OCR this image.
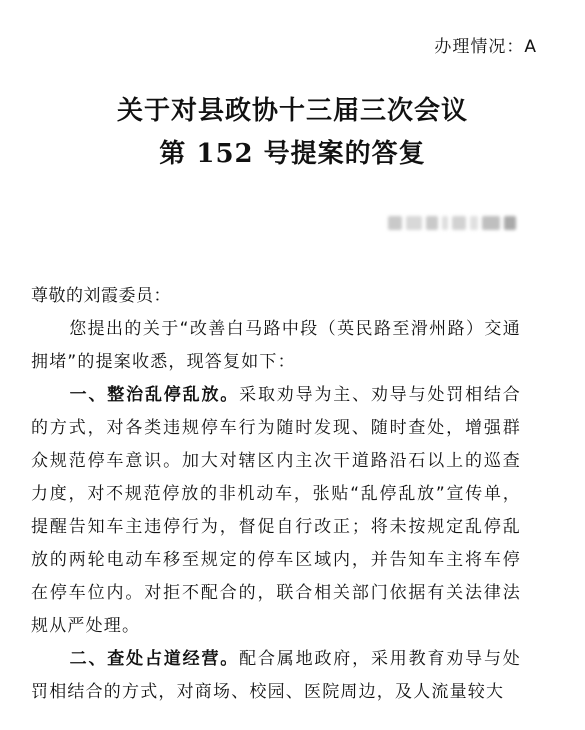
办理情况：A
关于对县政协十三届三次会议
第 152 号提案的答复
尊敬的刘霞委员：
您提出的关于“改善白马路中段（英民路至滑州路）交通拥堵”的提案收悉，现答复如下：
一、整治乱停乱放。采取劝导为主、劝导与处罚相结合的方式，对各类违规停车行为随时发现、随时查处，增强群众规范停车意识。加大对辖区内主次干道路沿石以上的巡查力度，对不规范停放的非机动车，张贴“乱停乱放”宣传单，提醒告知车主违停行为，督促自行改正；将未按规定乱停乱放的两轮电动车移至规定的停车区域内，并告知车主将车停在停车位内。对拒不配合的，联合相关部门依据有关法律法规从严处理。
二、查处占道经营。配合属地政府，采用教育劝导与处罚相结合的方式，对商场、校园、医院周边，及人流量较大
